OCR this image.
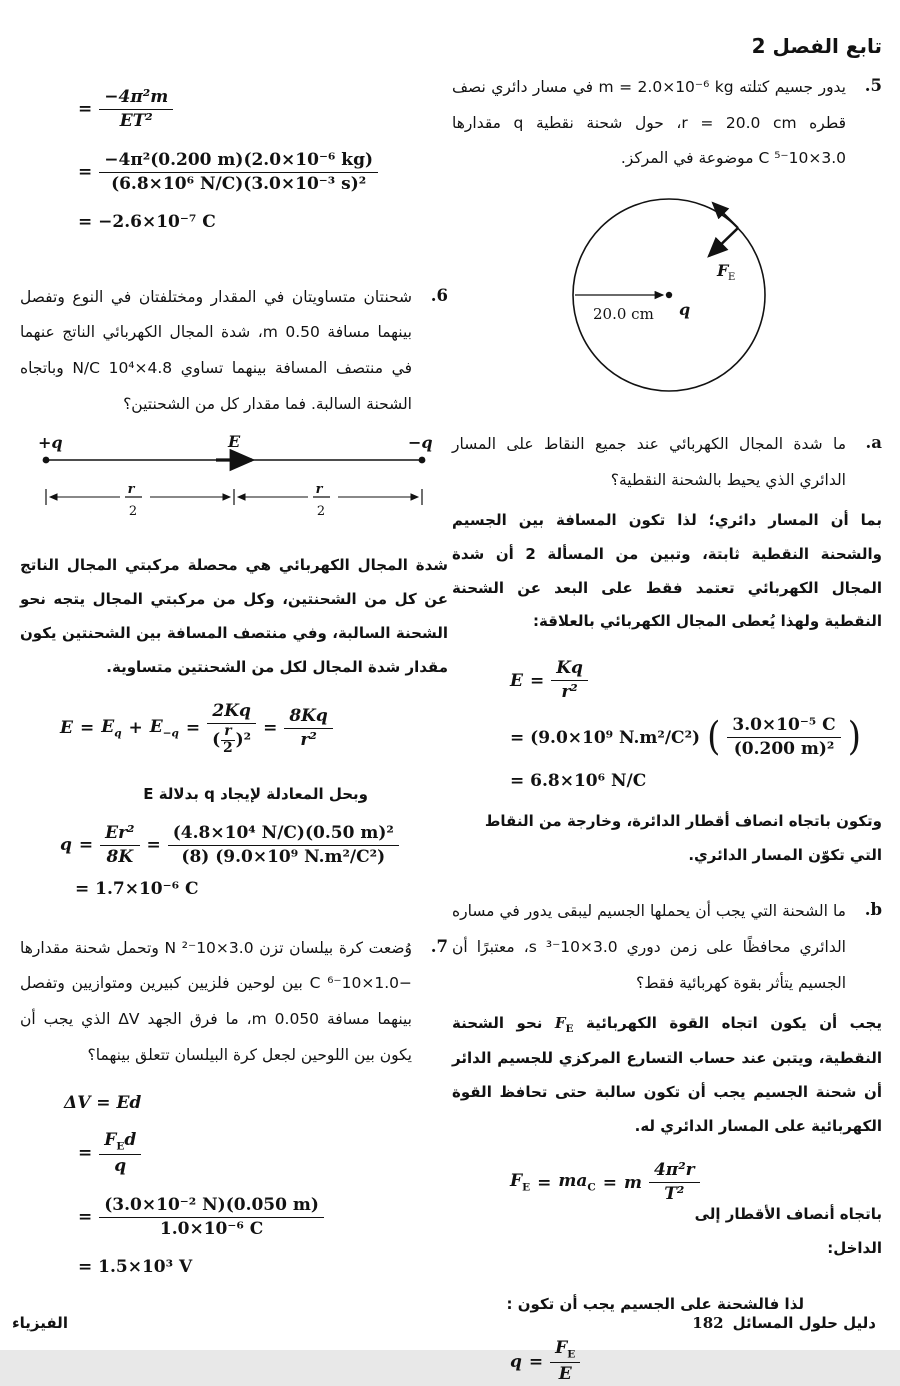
تابع الفصل 2
5.

يدور جسيم كتلته m = 2.0×10⁻⁶ kg في مسار دائري نصف قطره r = 20.0 cm، حول شحنة نقطية q مقدارها 3.0×10⁻⁵ C موضوعة في المركز.

20.0 cm q
F E
a.

ما شدة المجال الكهربائي عند جميع النقاط على المسار الدائري الذي يحيط بالشحنة النقطية؟

بما أن المسار دائري؛ لذا تكون المسافة بين الجسيم والشحنة النقطية ثابتة، وتبين من المسألة 2 أن شدة المجال الكهربائي تعتمد فقط على البعد عن الشحنة النقطية ولهذا يُعطى المجال الكهربائي بالعلاقة:

$E = \frac{Kq}{\text{r²}}$
= (9.0×10⁹ N.m²/C²) ( $\frac{\text{3.0×10⁻⁵ C}}{\text{(0.200 m)²}}$ )
= 6.8×10⁶ N/C

وتكون باتجاه انصاف أقطار الدائرة، وخارجة من النقاط التي تكوّن المسار الدائري.

b.

ما الشحنة التي يجب أن يحملها الجسيم ليبقى يدور في مساره الدائري محافظًا على زمن دوري 3.0×10⁻³ s، معتبرًا أن الجسيم يتأثر بقوة كهربائية فقط؟

يجب أن يكون اتجاه القوة الكهربائية $F_E$ نحو الشحنة النقطية، ويتبن عند حساب التسارع المركزي للجسيم الدائر أن شحنة الجسيم يجب أن تكون سالبة حتى تحافظ القوة الكهربائية على المسار الدائري له.

$F_E = ma_C = m \frac{\text{4π²r}}{\text{T²}}$

باتجاه أنصاف الأقطار إلى الداخل:

لذا فالشحنة على الجسيم يجب أن تكون :

$q = \frac{F_E}{E}$
= $\frac{\text{−4π²m}}{\text{ET²}}$
= $\frac{\text{−4π²(0.200 m)(2.0×10⁻⁶ kg)}}{\text{(6.8×10⁶ N/C)(3.0×10⁻³ s)²}}$
= −2.6×10⁻⁷ C
6.

شحنتان متساويتان في المقدار ومختلفتان في النوع وتفصل بينهما مسافة 0.50 m، شدة المجال الكهربائي الناتج عنهما في منتصف المسافة بينهما تساوي 4.8×10⁴ N/C وباتجاه الشحنة السالبة. فما مقدار كل من الشحنتين؟

+q	E	−q
r
2
r
2

شدة المجال الكهربائي هي محصلة مركبتي المجال الناتج عن كل من الشحنتين، وكل من مركبتي المجال يتجه نحو الشحنة السالبة، وفي منتصف المسافة بين الشحنتين يكون مقدار شدة المجال لكل من الشحنتين متساوية.

$E = E_q + E_{-q}$ =
2Kq
( r
2 )²
= $\frac{8Kq}{\text{r²}}$

وبحل المعادلة لإيجاد q بدلالة E

$q = \frac{\text{Er²}}{8K} = \frac{\text{(4.8×10⁴ N/C)(0.50 m)²}}{\text{(8) (9.0×10⁹ N.m²/C²)}}$
= 1.7×10⁻⁶ C
7.

وُضعت كرة بيلسان تزن 3.0×10⁻² N وتحمل شحنة مقدارها −1.0×10⁻⁶ C بين لوحين فلزيين كبيرين ومتوازيين وتفصل بينهما مسافة 0.050 m، ما فرق الجهد ΔV الذي يجب أن يكون بين اللوحين لجعل كرة البيلسان تتعلق بينهما؟

ΔV = Ed
= $\frac{F_Ed}{q}$
= $\frac{\text{(3.0×10⁻² N)(0.050 m)}}{\text{1.0×10⁻⁶ C}}$
= 1.5×10³ V
الفيزياء	182 دليل حلول المسائل
